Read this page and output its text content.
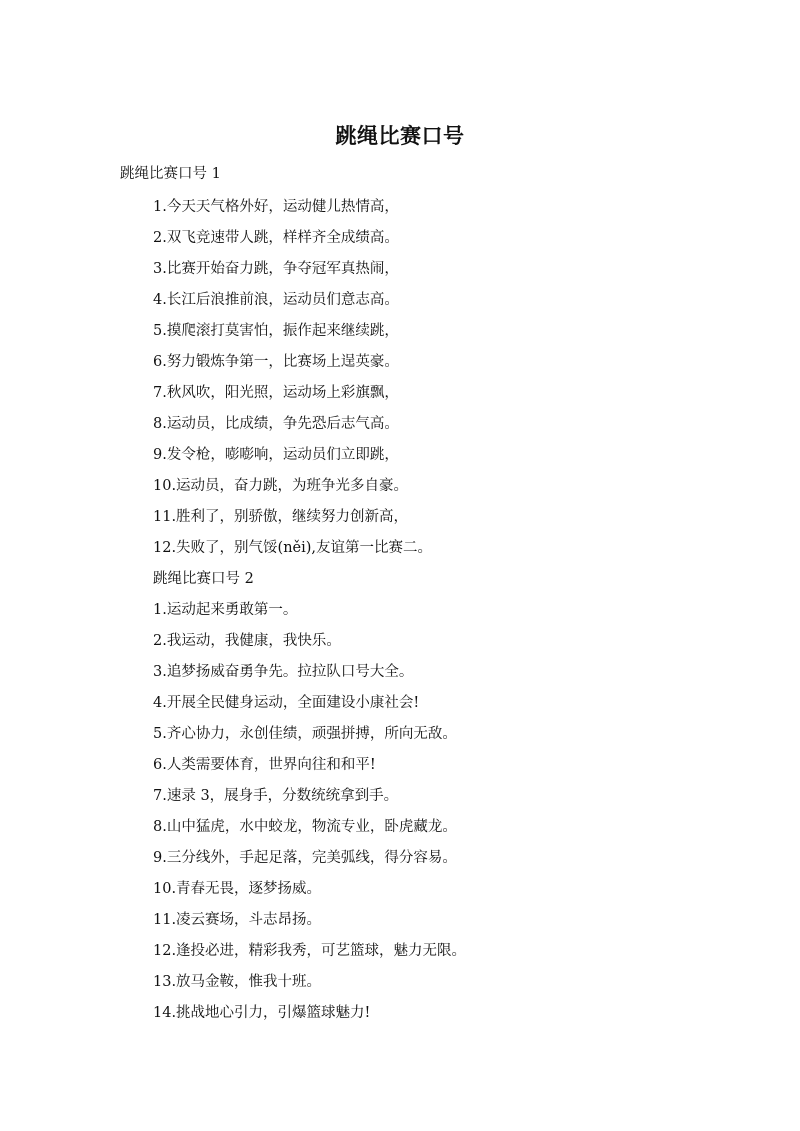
跳绳比赛口号
跳绳比赛口号 1
1.今天天气格外好，运动健儿热情高，
2.双飞竞速带人跳，样样齐全成绩高。
3.比赛开始奋力跳，争夺冠军真热闹，
4.长江后浪推前浪，运动员们意志高。
5.摸爬滚打莫害怕，振作起来继续跳，
6.努力锻炼争第一，比赛场上逞英豪。
7.秋风吹，阳光照，运动场上彩旗飘，
8.运动员，比成绩，争先恐后志气高。
9.发令枪，嘭嘭响，运动员们立即跳，
10.运动员，奋力跳，为班争光多自豪。
11.胜利了，别骄傲，继续努力创新高，
12.失败了，别气馁(něi),友谊第一比赛二。
跳绳比赛口号 2
1.运动起来勇敢第一。
2.我运动，我健康，我快乐。
3.追梦扬威奋勇争先。拉拉队口号大全。
4.开展全民健身运动，全面建设小康社会!
5.齐心协力，永创佳绩，顽强拼搏，所向无敌。
6.人类需要体育，世界向往和和平!
7.速录 3，展身手，分数统统拿到手。
8.山中猛虎，水中蛟龙，物流专业，卧虎藏龙。
9.三分线外，手起足落，完美弧线，得分容易。
10.青春无畏，逐梦扬威。
11.凌云赛场，斗志昂扬。
12.逢投必进，精彩我秀，可艺篮球，魅力无限。
13.放马金鞍，惟我十班。
14.挑战地心引力，引爆篮球魅力!
